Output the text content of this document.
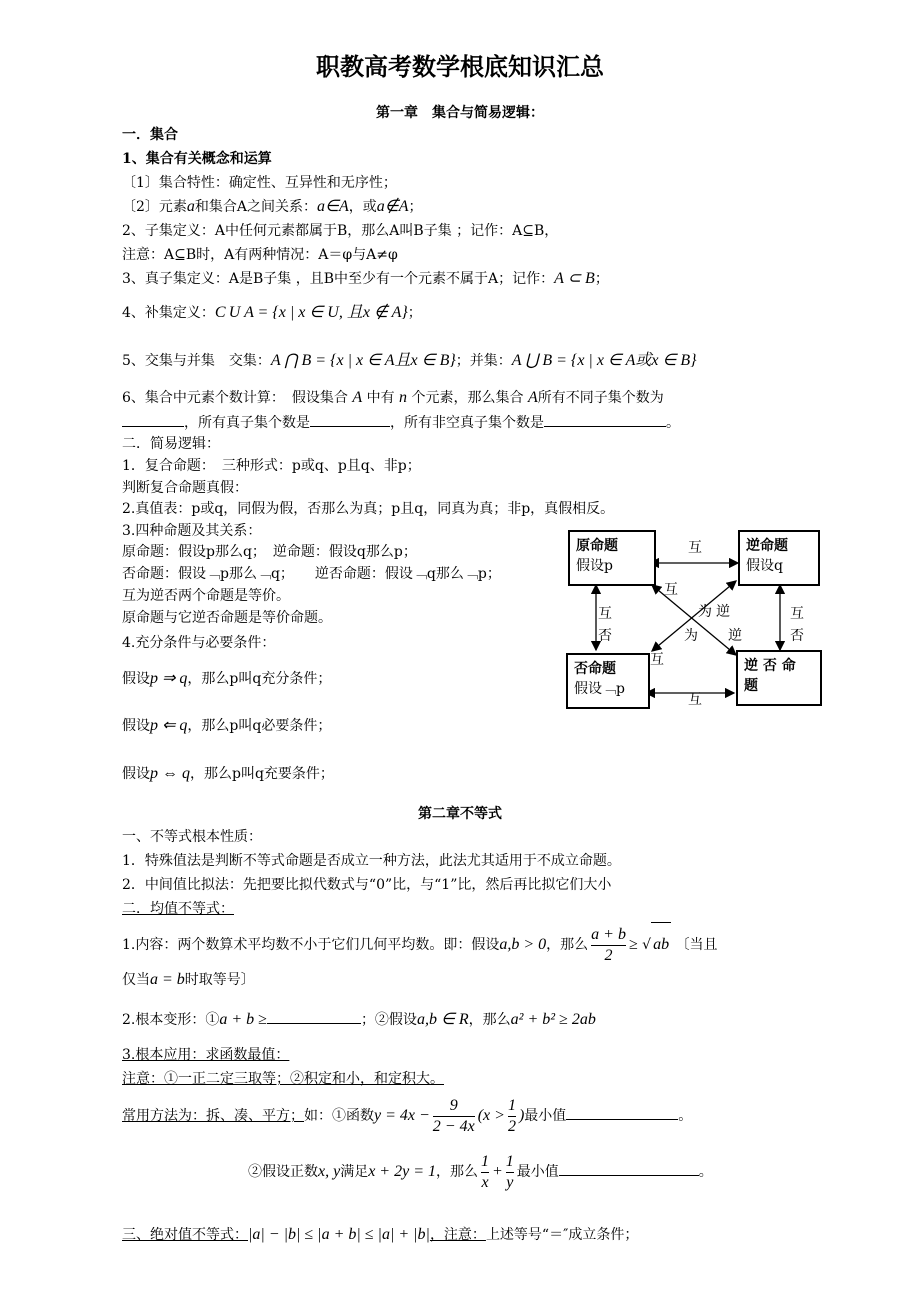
职教高考数学根底知识汇总
第一章　集合与简易逻辑：
一．集合
1、集合有关概念和运算
〔1〕集合特性：确定性、互异性和无序性；
〔2〕元素a和集合A之间关系：a∈A，或a∉A；
2、子集定义：A中任何元素都属于B，那么A叫B子集 ；记作：A⊆B，
注意：A⊆B时，A有两种情况：A＝φ与A≠φ
3、真子集定义：A是B子集 ，且B中至少有一个元素不属于A；记作：A ⊂ B；
4、补集定义：C U A = {x | x ∈ U, 且x ∉ A}；
5、交集与并集　交集：A ⋂ B = {x | x ∈ A且x ∈ B}；并集：A ⋃ B = {x | x ∈ A或x ∈ B}
6、集合中元素个数计算：　假设集合 A 中有 n 个元素，那么集合 A所有不同子集个数为
，所有真子集个数是	，所有非空真子集个数是	。
二．简易逻辑：
1．复合命题：　三种形式：p或q、p且q、非p；
判断复合命题真假：
2.真值表：p或q，同假为假，否那么为真；p且q，同真为真；非p，真假相反。
3.四种命题及其关系：
原命题：假设p那么q；　逆命题：假设q那么p；
否命题：假设﹁p那么﹁q；　　逆否命题：假设﹁q那么﹁p；
互为逆否两个命题是等价。
原命题与它逆否命题是等价命题。
4.充分条件与必要条件：
假设p ⇒ q，那么p叫q充分条件；
假设p ⇐ q，那么p叫q必要条件；
假设p ⇔ q，那么p叫q充要条件；
原命题
假设p
逆命题
假设q
否命题
假设﹁p
逆 否 命
题
互
互
互
否
互
否
互
为 逆
为 逆
互
第二章不等式
一、不等式根本性质：
1．特殊值法是判断不等式命题是否成立一种方法，此法尤其适用于不成立命题。
2．中间值比拟法：先把要比拟代数式与“0”比，与“1”比，然后再比拟它们大小
二．均值不等式：
1.内容：两个数算术平均数不小于它们几何平均数。即：假设a,b > 0，那么 $\frac{a + b}{2}$ ≥ √ ab 〔当且
仅当a = b时取等号〕
2.根本变形：①a + b ≥	；②假设a,b ∈ R，那么a² + b² ≥ 2ab
3.根本应用：求函数最值：
注意：①一正二定三取等；②积定和小，和定积大。
常用方法为：拆、凑、平方；如：①函数$y = 4x - \frac{9}{2 - 4x} (x > \frac{1}{2}$ )最小值	。
②假设正数x, y满足x + 2y = 1，那么 $\frac{1}{x} + \frac{1}{y}$ 最小值	。
三、绝对值不等式：|a| − |b| ≤ |a + b| ≤ |a| + |b|，注意：上述等号“＝″成立条件；
